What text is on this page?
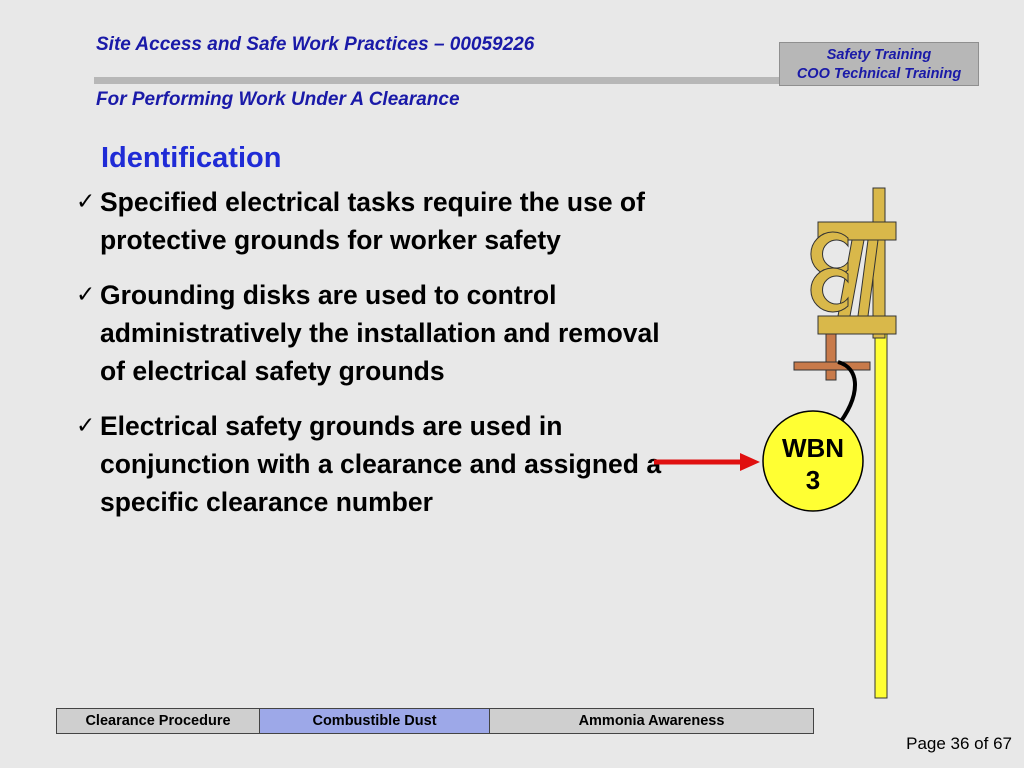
Site Access and Safe Work Practices – 00059226
For Performing Work Under A Clearance
Safety Training
COO Technical Training
Identification
✓ Specified electrical tasks require the use of protective grounds for worker safety
✓ Grounding disks are used to control administratively the installation and removal of electrical safety grounds
✓ Electrical safety grounds are used in conjunction with a clearance and assigned a specific clearance number
WBN
3
Clearance Procedure	Combustible Dust	Ammonia Awareness
Page 36 of 67
